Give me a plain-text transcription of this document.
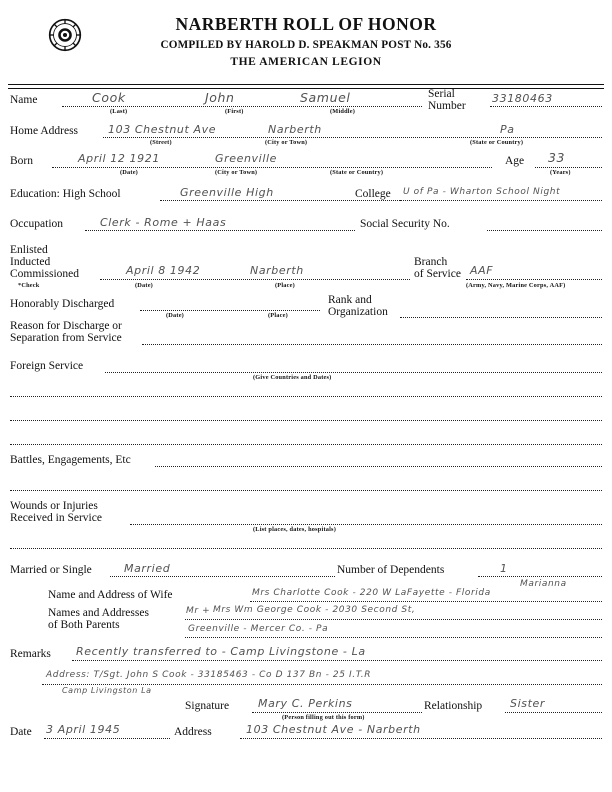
NARBERTH ROLL OF HONOR
COMPILED BY HAROLD D. SPEAKMAN POST No. 356
THE AMERICAN LEGION
Name	Cook	John	Samuel
(Last)	(First)	(Middle)
Serial
Number
33180463
Home Address	103 Chestnut Ave	Narberth	Pa
(Street)	(City or Town)	(State or Country)
Born	April 12 1921	Greenville
(Date)	(City or Town)	(State or Country)
Age 33
(Years)
Education: High School	Greenville High	College U of Pa - Wharton School Night
Occupation	Clerk - Rome + Haas	Social Security No.
Enlisted
Inducted
Commissioned
*Check
April 8 1942	Narberth
(Date)	(Place)
Branch
of Service AAF
(Army, Navy, Marine Corps, AAF)
Rank and
Organization
Honorably Discharged
(Date)	(Place)
Reason for Discharge or
Separation from Service
Foreign Service
(Give Countries and Dates)
Battles, Engagements, Etc
Wounds or Injuries
Received in Service
(List places, dates, hospitals)
Married or Single	Married	Number of Dependents	1
Marianna
Name and Address of Wife	Mrs Charlotte Cook - 220 W LaFayette - Florida
Names and Addresses
of Both Parents
Mr + Mrs Wm George Cook - 2030 Second St,
Greenville - Mercer Co. - Pa
Remarks Recently transferred to - Camp Livingstone - La
Address: T/Sgt. John S Cook - 33185463 - Co D 137 Bn - 25 I.T.R
Camp Livingston La
Signature	Mary C. Perkins
(Person filling out this form)
Relationship	Sister
Date 3 April 1945	Address	103 Chestnut Ave - Narberth
